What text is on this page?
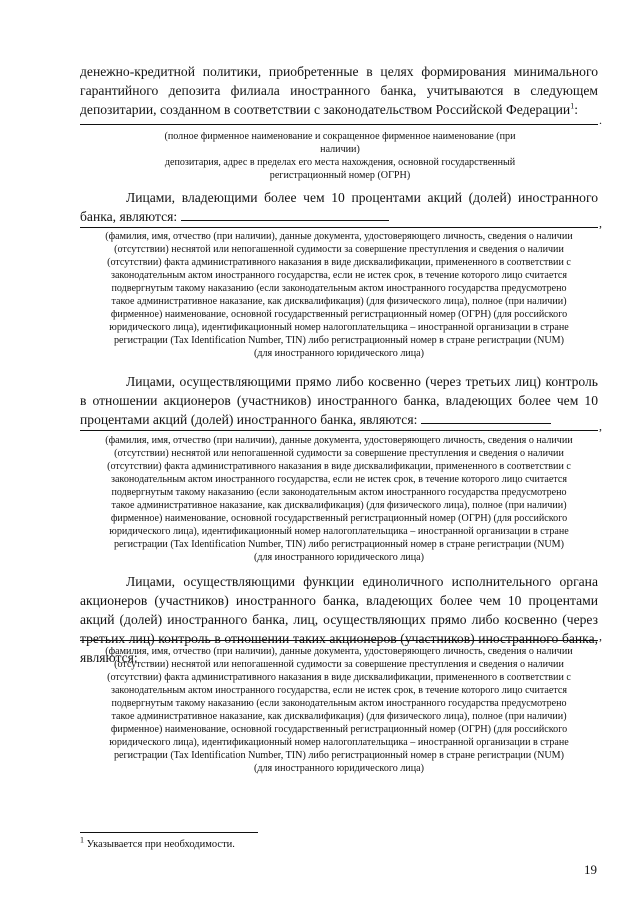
денежно-кредитной политики, приобретенные в целях формирования минимального гарантийного депозита филиала иностранного банка, учитываются в следующем депозитарии, созданном в соответствии с законодательством Российской Федерации$^1$:
.
(полное фирменное наименование и сокращенное фирменное наименование (при наличии)
депозитария, адрес в пределах его места нахождения, основной государственный
регистрационный номер (ОГРН)
Лицами, владеющими более чем 10 процентами акций (долей) иностранного банка, являются:	,
(фамилия, имя, отчество (при наличии), данные документа, удостоверяющего личность, сведения о наличии
(отсутствии) неснятой или непогашенной судимости за совершение преступления и сведения о наличии
(отсутствии) факта административного наказания в виде дисквалификации, примененного в соответствии с
законодательным актом иностранного государства, если не истек срок, в течение которого лицо считается
подвергнутым такому наказанию (если законодательным актом иностранного государства предусмотрено
такое административное наказание, как дисквалификация) (для физического лица), полное (при наличии)
фирменное) наименование, основной государственный регистрационный номер (ОГРН) (для российского
юридического лица), идентификационный номер налогоплательщика – иностранной организации в стране
регистрации (Tax Identification Number, TIN) либо регистрационный номер в стране регистрации (NUM)
(для иностранного юридического лица)
Лицами, осуществляющими прямо либо косвенно (через третьих лиц) контроль в отношении акционеров (участников) иностранного банка, владеющих более чем 10 процентами акций (долей) иностранного банка, являются:	,
(фамилия, имя, отчество (при наличии), данные документа, удостоверяющего личность, сведения о наличии
(отсутствии) неснятой или непогашенной судимости за совершение преступления и сведения о наличии
(отсутствии) факта административного наказания в виде дисквалификации, примененного в соответствии с
законодательным актом иностранного государства, если не истек срок, в течение которого лицо считается
подвергнутым такому наказанию (если законодательным актом иностранного государства предусмотрено
такое административное наказание, как дисквалификация) (для физического лица), полное (при наличии)
фирменное) наименование, основной государственный регистрационный номер (ОГРН) (для российского
юридического лица), идентификационный номер налогоплательщика – иностранной организации в стране
регистрации (Tax Identification Number, TIN) либо регистрационный номер в стране регистрации (NUM)
(для иностранного юридического лица)
Лицами, осуществляющими функции единоличного исполнительного органа акционеров (участников) иностранного банка, владеющих более чем 10 процентами акций (долей) иностранного банка, лиц, осуществляющих прямо либо косвенно (через третьих лиц) контроль в отношении таких акционеров (участников) иностранного банка, являются:
,
(фамилия, имя, отчество (при наличии), данные документа, удостоверяющего личность, сведения о наличии
(отсутствии) неснятой или непогашенной судимости за совершение преступления и сведения о наличии
(отсутствии) факта административного наказания в виде дисквалификации, примененного в соответствии с
законодательным актом иностранного государства, если не истек срок, в течение которого лицо считается
подвергнутым такому наказанию (если законодательным актом иностранного государства предусмотрено
такое административное наказание, как дисквалификация) (для физического лица), полное (при наличии)
фирменное) наименование, основной государственный регистрационный номер (ОГРН) (для российского
юридического лица), идентификационный номер налогоплательщика – иностранной организации в стране
регистрации (Tax Identification Number, TIN) либо регистрационный номер в стране регистрации (NUM)
(для иностранного юридического лица)
$^1$ Указывается при необходимости.
19
